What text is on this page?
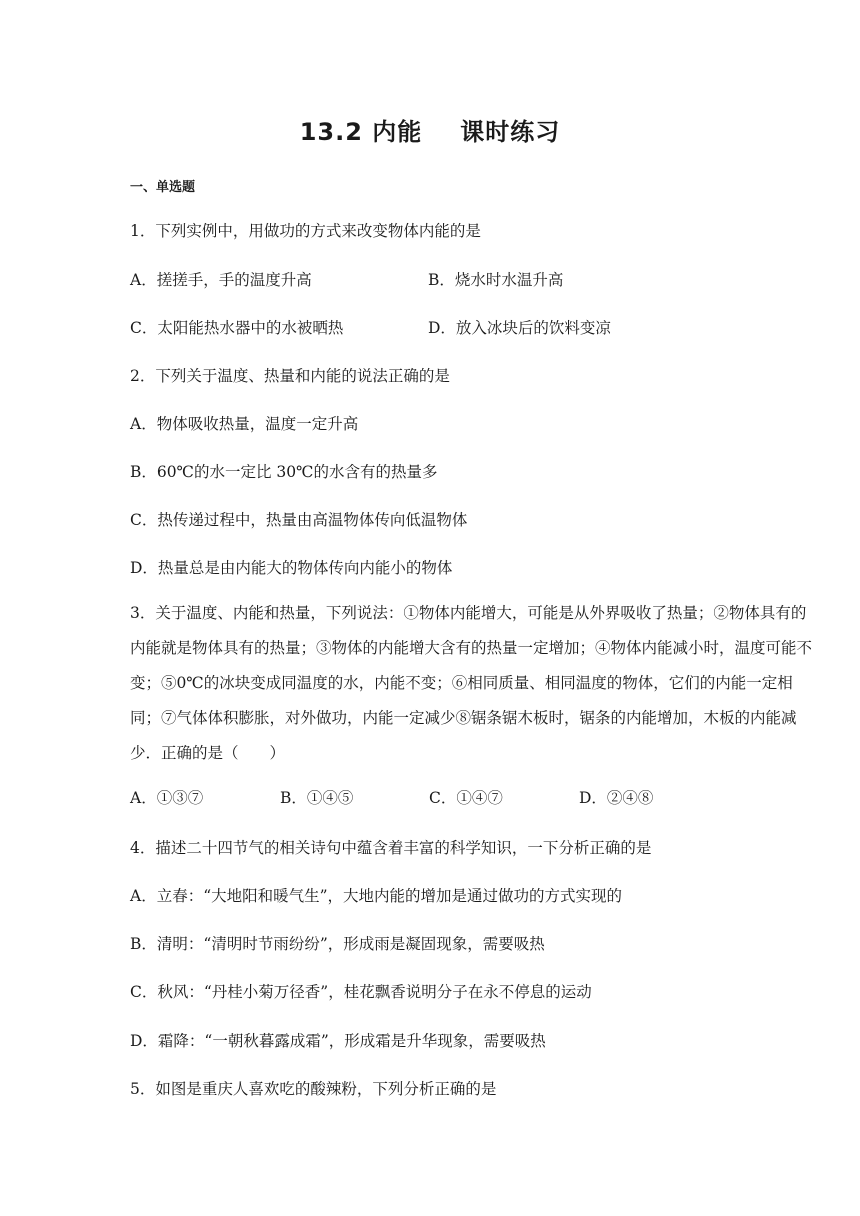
13.2 内能 课时练习
一、单选题
1．下列实例中，用做功的方式来改变物体内能的是
A．搓搓手，手的温度升高	B．烧水时水温升高
C．太阳能热水器中的水被晒热	D．放入冰块后的饮料变凉
2．下列关于温度、热量和内能的说法正确的是
A．物体吸收热量，温度一定升高
B．60℃的水一定比 30℃的水含有的热量多
C．热传递过程中，热量由高温物体传向低温物体
D．热量总是由内能大的物体传向内能小的物体
3．关于温度、内能和热量，下列说法：①物体内能增大，可能是从外界吸收了热量；②物体具有的内能就是物体具有的热量；③物体的内能增大含有的热量一定增加；④物体内能减小时，温度可能不变；⑤0℃的冰块变成同温度的水，内能不变；⑥相同质量、相同温度的物体，它们的内能一定相同；⑦气体体积膨胀，对外做功，内能一定减少⑧锯条锯木板时，锯条的内能增加，木板的内能减少．正确的是（　　）
A．①③⑦	B．①④⑤	C．①④⑦	D．②④⑧
4．描述二十四节气的相关诗句中蕴含着丰富的科学知识，一下分析正确的是
A．立春：“大地阳和暖气生”，大地内能的增加是通过做功的方式实现的
B．清明：“清明时节雨纷纷”，形成雨是凝固现象，需要吸热
C．秋风：“丹桂小菊万径香”，桂花飘香说明分子在永不停息的运动
D．霜降：“一朝秋暮露成霜”，形成霜是升华现象，需要吸热
5．如图是重庆人喜欢吃的酸辣粉，下列分析正确的是
